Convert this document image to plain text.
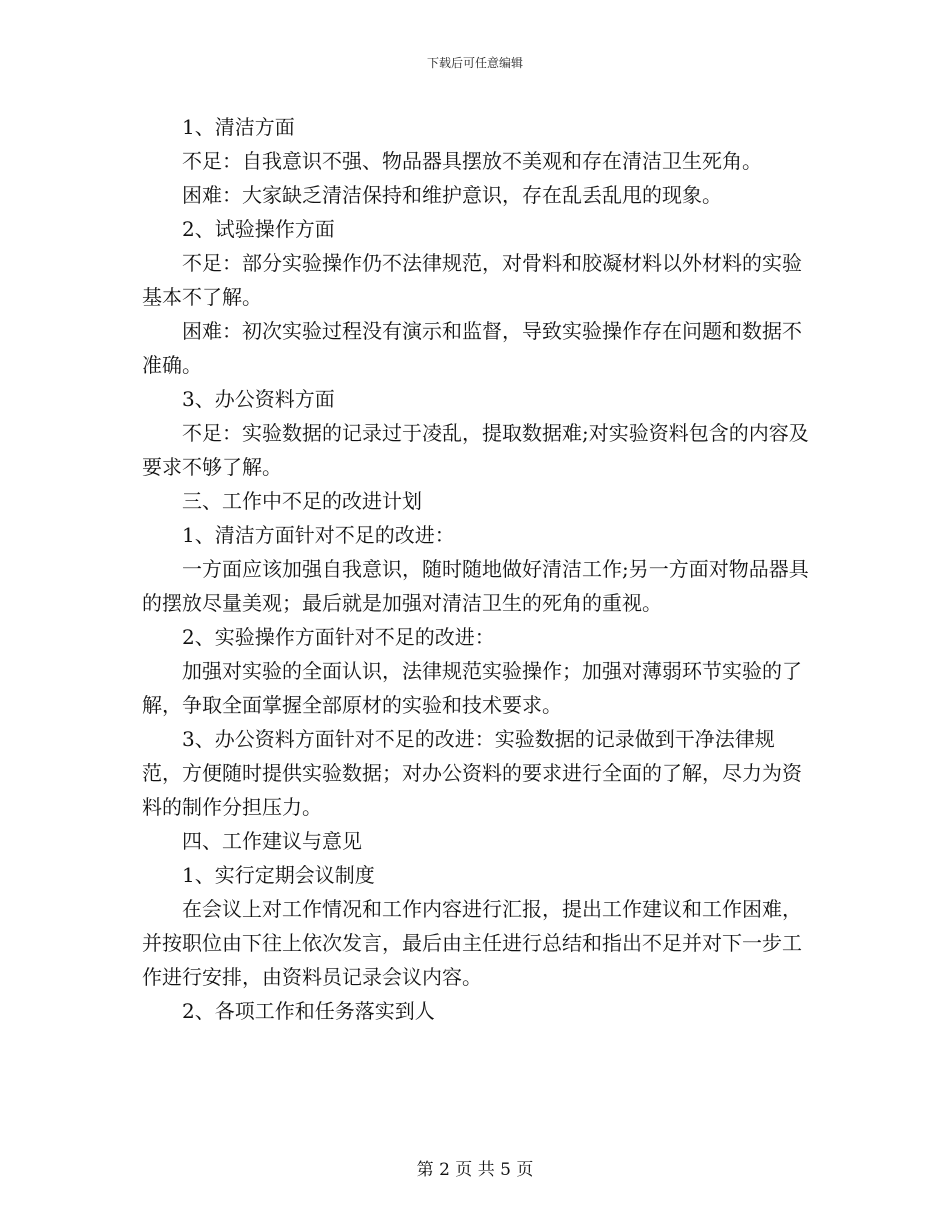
下载后可任意编辑

1、清洁方面

不足：自我意识不强、物品器具摆放不美观和存在清洁卫生死角。

困难：大家缺乏清洁保持和维护意识，存在乱丢乱甩的现象。

2、试验操作方面

不足：部分实验操作仍不法律规范，对骨料和胶凝材料以外材料的实验基本不了解。

困难：初次实验过程没有演示和监督，导致实验操作存在问题和数据不准确。

3、办公资料方面

不足：实验数据的记录过于凌乱，提取数据难;对实验资料包含的内容及要求不够了解。

三、工作中不足的改进计划

1、清洁方面针对不足的改进：

一方面应该加强自我意识，随时随地做好清洁工作;另一方面对物品器具的摆放尽量美观；最后就是加强对清洁卫生的死角的重视。

2、实验操作方面针对不足的改进：

加强对实验的全面认识，法律规范实验操作；加强对薄弱环节实验的了解，争取全面掌握全部原材的实验和技术要求。

3、办公资料方面针对不足的改进：实验数据的记录做到干净法律规范，方便随时提供实验数据；对办公资料的要求进行全面的了解，尽力为资料的制作分担压力。

四、工作建议与意见

1、实行定期会议制度

在会议上对工作情况和工作内容进行汇报，提出工作建议和工作困难，并按职位由下往上依次发言，最后由主任进行总结和指出不足并对下一步工作进行安排，由资料员记录会议内容。

2、各项工作和任务落实到人

第 2 页 共 5 页
